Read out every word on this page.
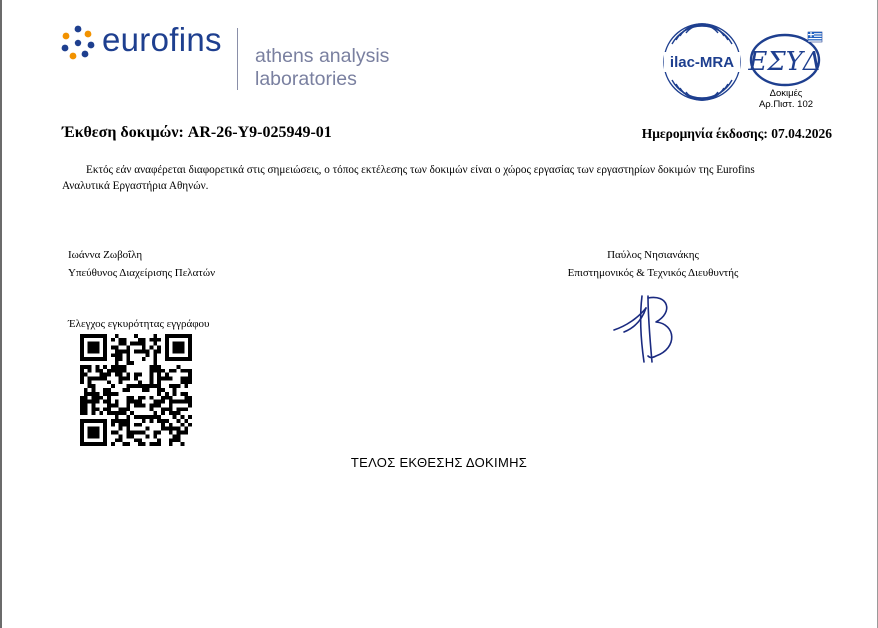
eurofins athens analysis
laboratories
ilac-MRA ΕΣΥΔ
Δοκιμές
Αρ.Πιστ. 102
Έκθεση δοκιμών: AR-26-Y9-025949-01	Ημερομηνία έκδοσης: 07.04.2026
Εκτός εάν αναφέρεται διαφορετικά στις σημειώσεις, ο τόπος εκτέλεσης των δοκιμών είναι ο χώρος εργασίας των εργαστηρίων δοκιμών της Eurofins Αναλυτικά Εργαστήρια Αθηνών.
Ιωάννα Ζωβοΐλη
Υπεύθυνος Διαχείρισης Πελατών
Παύλος Νησιανάκης
Επιστημονικός & Τεχνικός Διευθυντής
Έλεγχος εγκυρότητας εγγράφου
ΤΕΛΟΣ ΕΚΘΕΣΗΣ ΔΟΚΙΜΗΣ
